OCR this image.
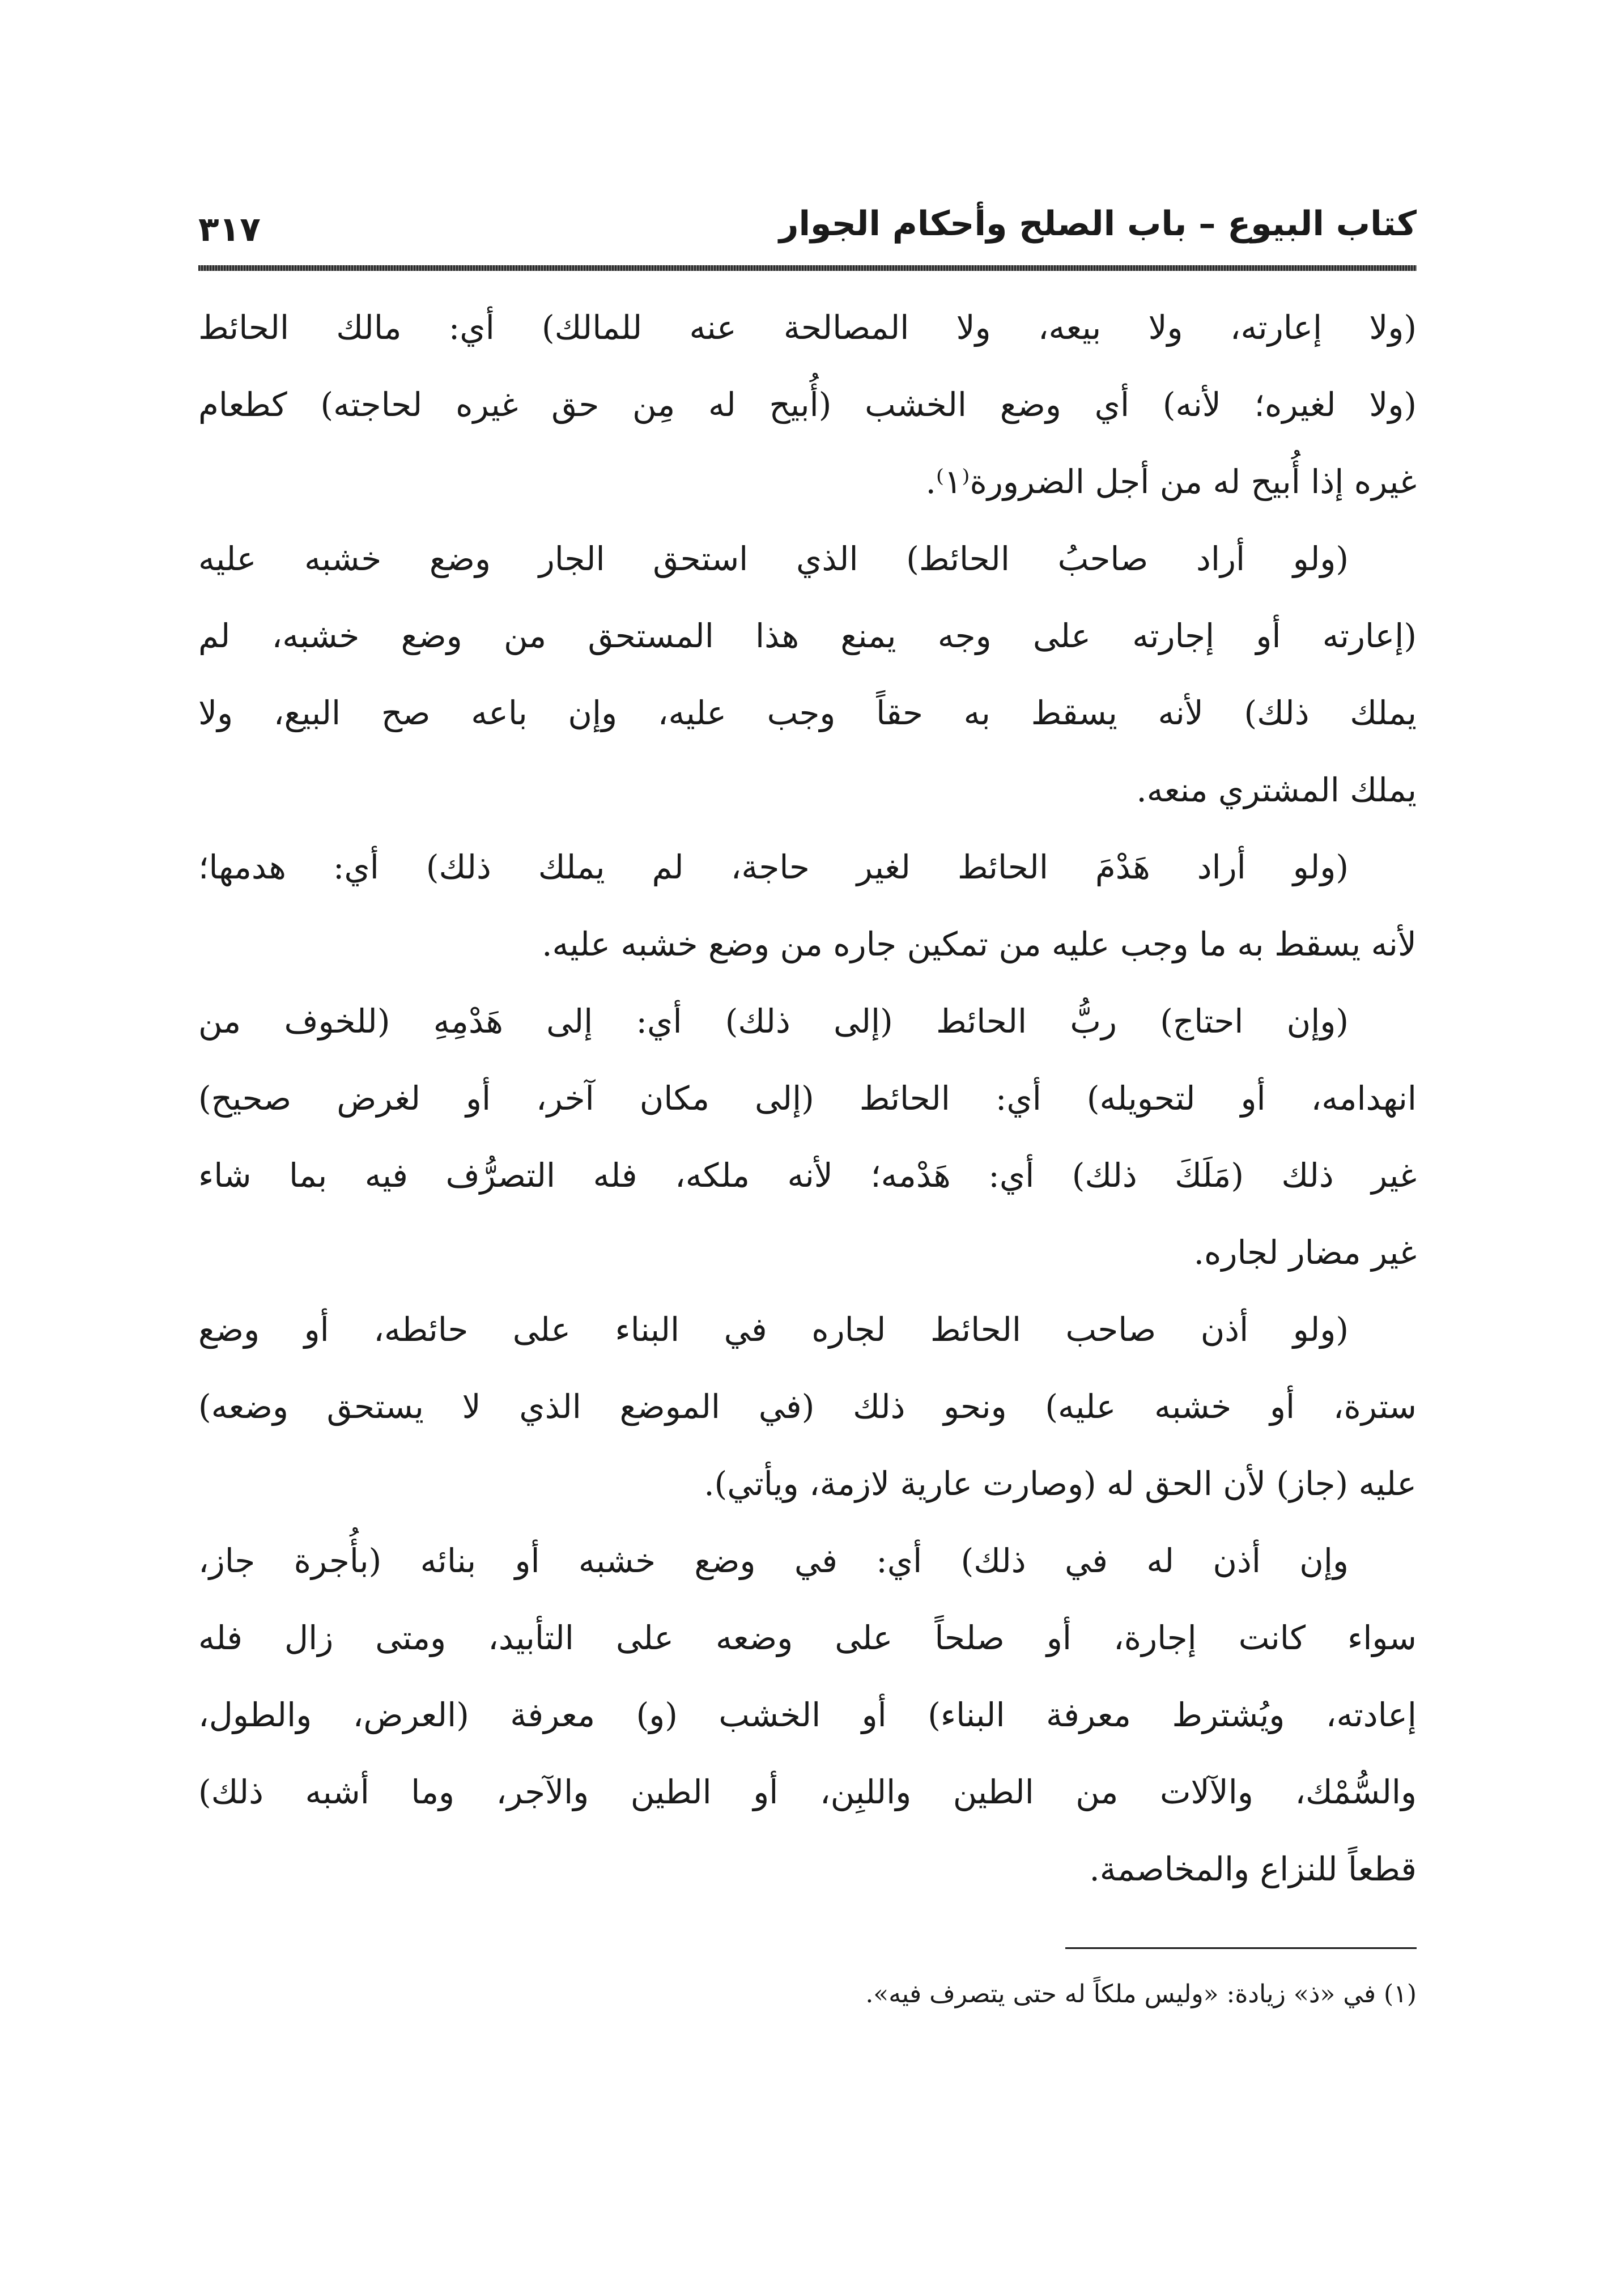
كتاب البيوع – باب الصلح وأحكام الجوار
٣١٧
(ولا إعارته، ولا بيعه، ولا المصالحة عنه للمالك) أي: مالك الحائط
(ولا لغيره؛ لأنه) أي وضع الخشب (أُبيح له مِن حق غيره لحاجته) كطعام
غيره إذا أُبيح له من أجل الضرورة⁽١⁾.
(ولو أراد صاحبُ الحائط) الذي استحق الجار وضع خشبه عليه
(إعارته أو إجارته على وجه يمنع هذا المستحق من وضع خشبه، لم
يملك ذلك) لأنه يسقط به حقاً وجب عليه، وإن باعه صح البيع، ولا
يملك المشتري منعه.
(ولو أراد هَدْمَ الحائط لغير حاجة، لم يملك ذلك) أي: هدمها؛
لأنه يسقط به ما وجب عليه من تمكين جاره من وضع خشبه عليه.
(وإن احتاج) ربُّ الحائط (إلى ذلك) أي: إلى هَدْمِهِ (للخوف من
انهدامه، أو لتحويله) أي: الحائط (إلى مكان آخر، أو لغرض صحيح)
غير ذلك (مَلَكَ ذلك) أي: هَدْمه؛ لأنه ملكه، فله التصرُّف فيه بما شاء
غير مضار لجاره.
(ولو أذن صاحب الحائط لجاره في البناء على حائطه، أو وضع
سترة، أو خشبه عليه) ونحو ذلك (في الموضع الذي لا يستحق وضعه)
عليه (جاز) لأن الحق له (وصارت عارية لازمة، ويأتي).
وإن أذن له في ذلك) أي: في وضع خشبه أو بنائه (بأُجرة جاز،
سواء كانت إجارة، أو صلحاً على وضعه على التأبيد، ومتى زال فله
إعادته، ويُشترط معرفة البناء) أو الخشب (و) معرفة (العرض، والطول،
والسُّمْك، والآلات من الطين واللبِن، أو الطين والآجر، وما أشبه ذلك)
قطعاً للنزاع والمخاصمة.
(١) في «ذ» زيادة: «وليس ملكاً له حتى يتصرف فيه».
